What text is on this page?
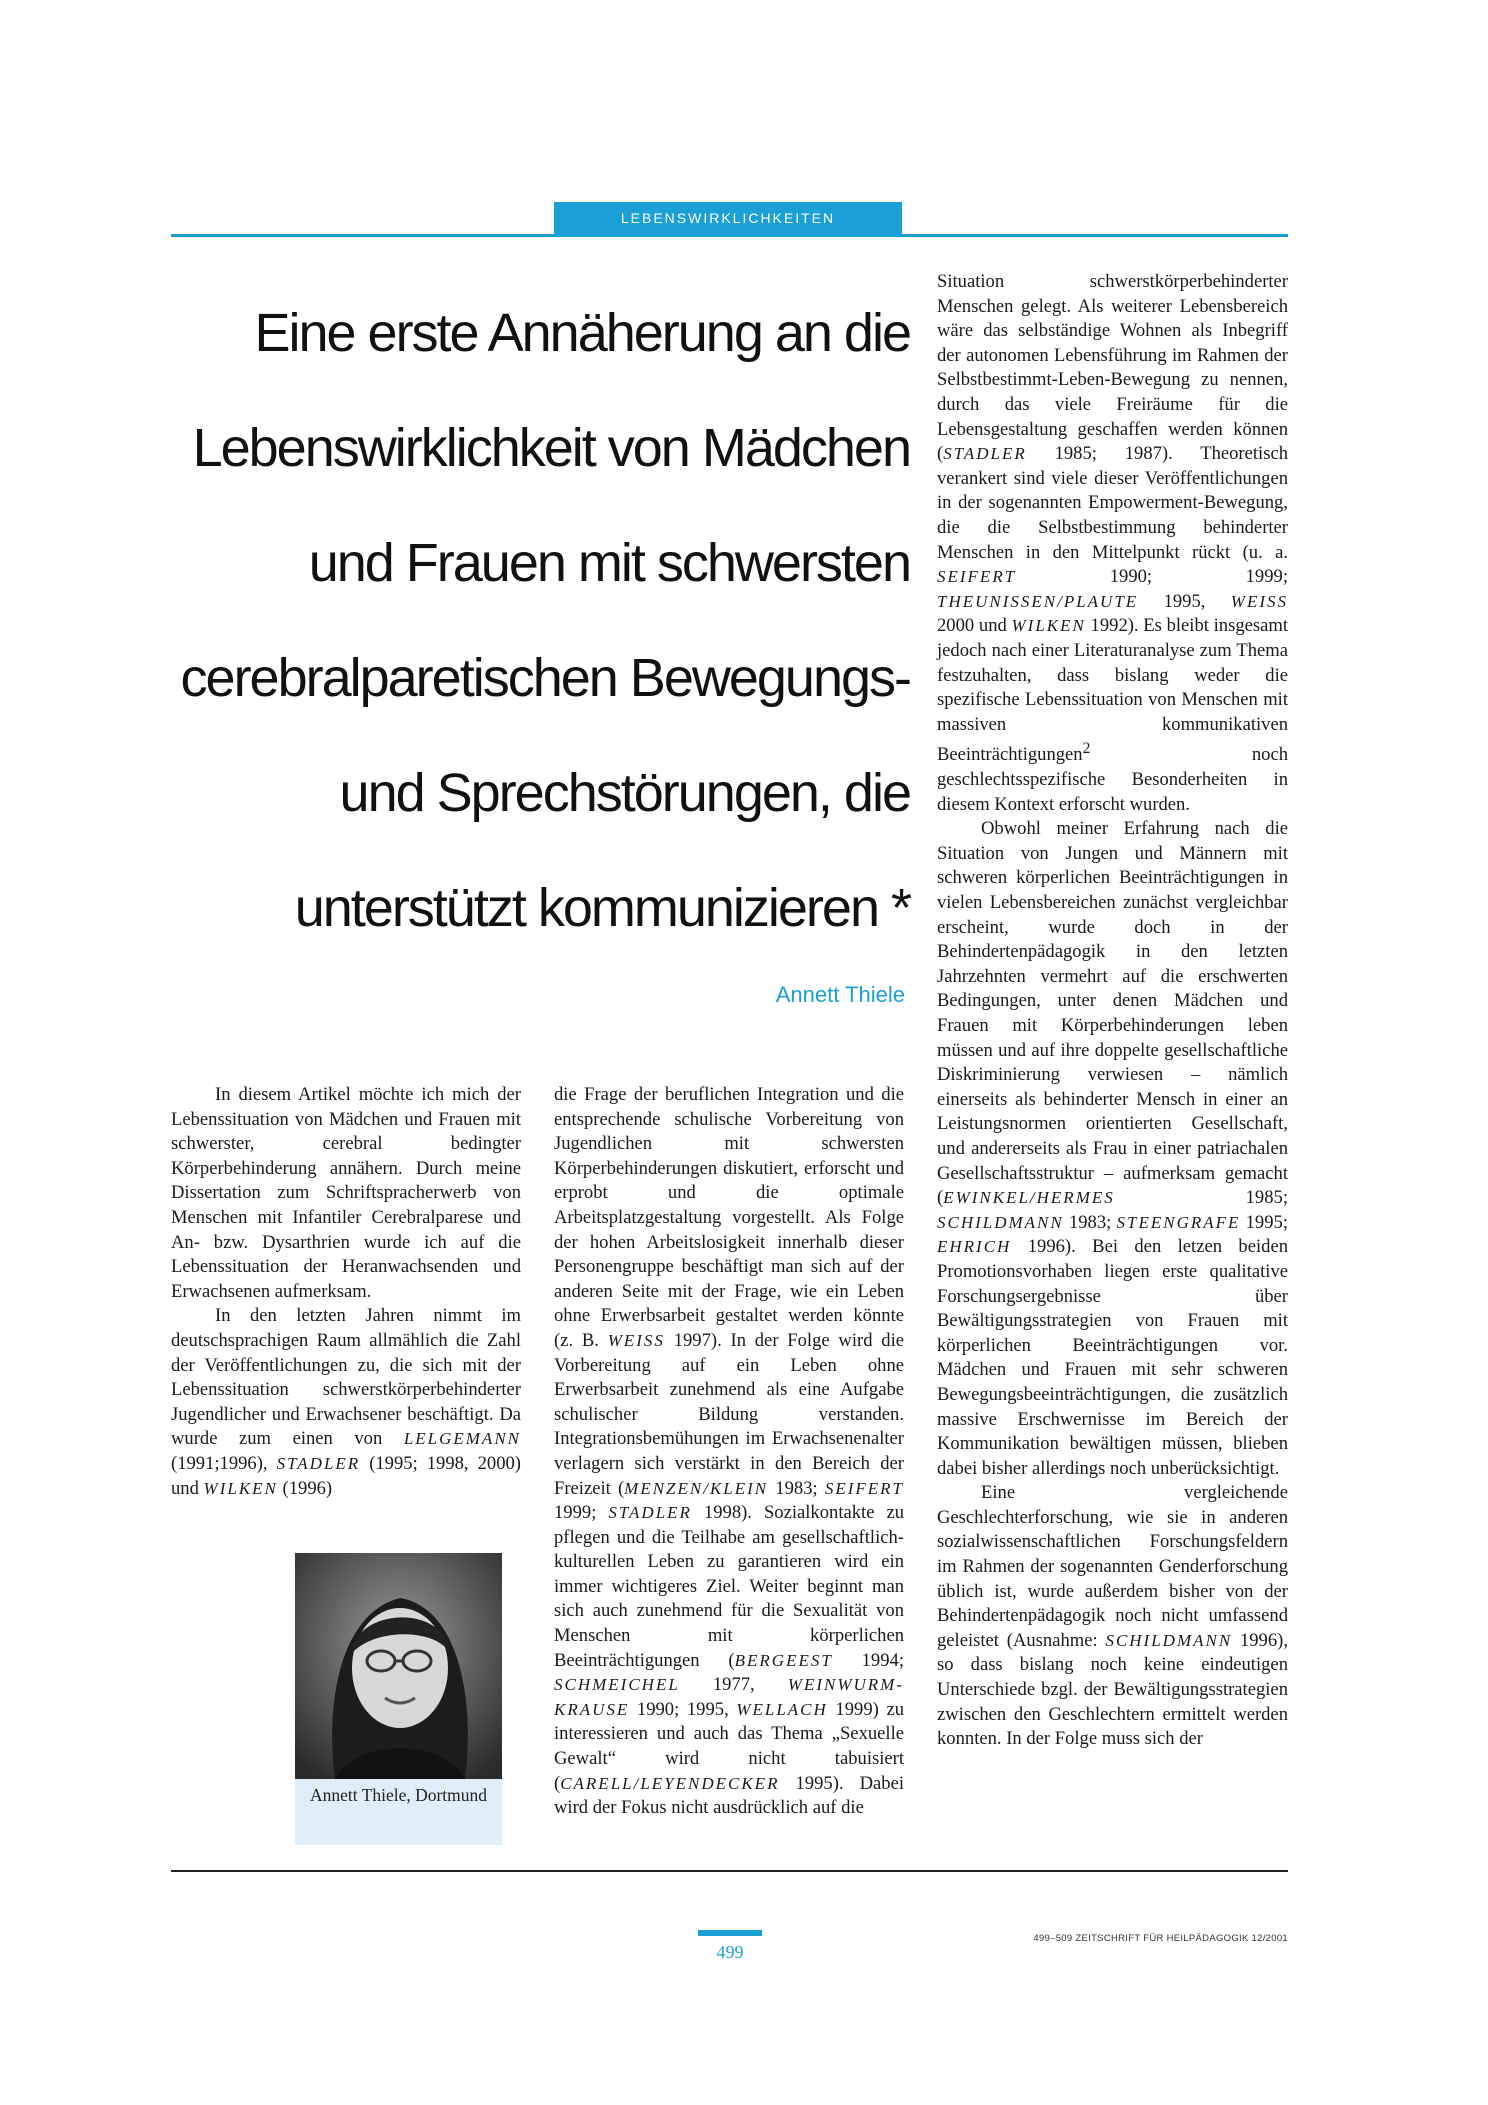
LEBENSWIRKLICHKEITEN
Eine erste Annäherung an die
Lebenswirklichkeit von Mädchen
und Frauen mit schwersten
cerebralparetischen Bewegungs-
und Sprechstörungen, die
unterstützt kommunizieren *
Annett Thiele

In diesem Artikel möchte ich mich der Lebenssituation von Mädchen und Frauen mit schwerster, cerebral bedingter Körperbehinderung annähern. Durch meine Dissertation zum Schriftspracherwerb von Menschen mit Infantiler Cerebralparese und An- bzw. Dysarthrien wurde ich auf die Lebenssituation der Heranwachsenden und Erwachsenen aufmerksam.

In den letzten Jahren nimmt im deutschsprachigen Raum allmählich die Zahl der Veröffentlichungen zu, die sich mit der Lebenssituation schwerstkörperbehinderter Jugendlicher und Erwachsener beschäftigt. Da wurde zum einen von LELGEMANN (1991;1996), STADLER (1995; 1998, 2000) und WILKEN (1996)

Annett Thiele, Dortmund

die Frage der beruflichen Integration und die entsprechende schulische Vorbereitung von Jugendlichen mit schwersten Körperbehinderungen diskutiert, erforscht und erprobt und die optimale Arbeitsplatzgestaltung vorgestellt. Als Folge der hohen Arbeitslosigkeit innerhalb dieser Personengruppe beschäftigt man sich auf der anderen Seite mit der Frage, wie ein Leben ohne Erwerbsarbeit gestaltet werden könnte (z. B. WEISS 1997). In der Folge wird die Vorbereitung auf ein Leben ohne Erwerbsarbeit zunehmend als eine Aufgabe schulischer Bildung verstanden. Integrationsbemühungen im Erwachsenenalter verlagern sich verstärkt in den Bereich der Freizeit (MENZEN/KLEIN 1983; SEIFERT 1999; STADLER 1998). Sozialkontakte zu pflegen und die Teilhabe am gesellschaftlich-kulturellen Leben zu garantieren wird ein immer wichtigeres Ziel. Weiter beginnt man sich auch zunehmend für die Sexualität von Menschen mit körperlichen Beeinträchtigungen (BERGEEST 1994; SCHMEICHEL 1977, WEINWURM-KRAUSE 1990; 1995, WELLACH 1999) zu interessieren und auch das Thema „Sexuelle Gewalt“ wird nicht tabuisiert (CARELL/LEYENDECKER 1995). Dabei wird der Fokus nicht ausdrücklich auf die

Situation schwerstkörperbehinderter Menschen gelegt. Als weiterer Lebensbereich wäre das selbständige Wohnen als Inbegriff der autonomen Lebensführung im Rahmen der Selbstbestimmt-Leben-Bewegung zu nennen, durch das viele Freiräume für die Lebensgestaltung geschaffen werden können (STADLER 1985; 1987). Theoretisch verankert sind viele dieser Veröffentlichungen in der sogenannten Empowerment-Bewegung, die die Selbstbestimmung behinderter Menschen in den Mittelpunkt rückt (u. a. SEIFERT 1990; 1999; THEUNISSEN/PLAUTE 1995, WEISS 2000 und WILKEN 1992). Es bleibt insgesamt jedoch nach einer Literaturanalyse zum Thema festzuhalten, dass bislang weder die spezifische Lebenssituation von Menschen mit massiven kommunikativen Beeinträchtigungen$^2$ noch geschlechtsspezifische Besonderheiten in diesem Kontext erforscht wurden.

Obwohl meiner Erfahrung nach die Situation von Jungen und Männern mit schweren körperlichen Beeinträchtigungen in vielen Lebensbereichen zunächst vergleichbar erscheint, wurde doch in der Behindertenpädagogik in den letzten Jahrzehnten vermehrt auf die erschwerten Bedingungen, unter denen Mädchen und Frauen mit Körperbehinderungen leben müssen und auf ihre doppelte gesellschaftliche Diskriminierung verwiesen – nämlich einerseits als behinderter Mensch in einer an Leistungsnormen orientierten Gesellschaft, und andererseits als Frau in einer patriachalen Gesellschaftsstruktur – aufmerksam gemacht (EWINKEL/HERMES 1985; SCHILDMANN 1983; STEENGRAFE 1995; EHRICH 1996). Bei den letzen beiden Promotionsvorhaben liegen erste qualitative Forschungsergebnisse über Bewältigungsstrategien von Frauen mit körperlichen Beeinträchtigungen vor. Mädchen und Frauen mit sehr schweren Bewegungsbeeinträchtigungen, die zusätzlich massive Erschwernisse im Bereich der Kommunikation bewältigen müssen, blieben dabei bisher allerdings noch unberücksichtigt.

Eine vergleichende Geschlechterforschung, wie sie in anderen sozialwissenschaftlichen Forschungsfeldern im Rahmen der sogenannten Genderforschung üblich ist, wurde außerdem bisher von der Behindertenpädagogik noch nicht umfassend geleistet (Ausnahme: SCHILDMANN 1996), so dass bislang noch keine eindeutigen Unterschiede bzgl. der Bewältigungsstrategien zwischen den Geschlechtern ermittelt werden konnten. In der Folge muss sich der

499
499–509 ZEITSCHRIFT FÜR HEILPÄDAGOGIK 12/2001
